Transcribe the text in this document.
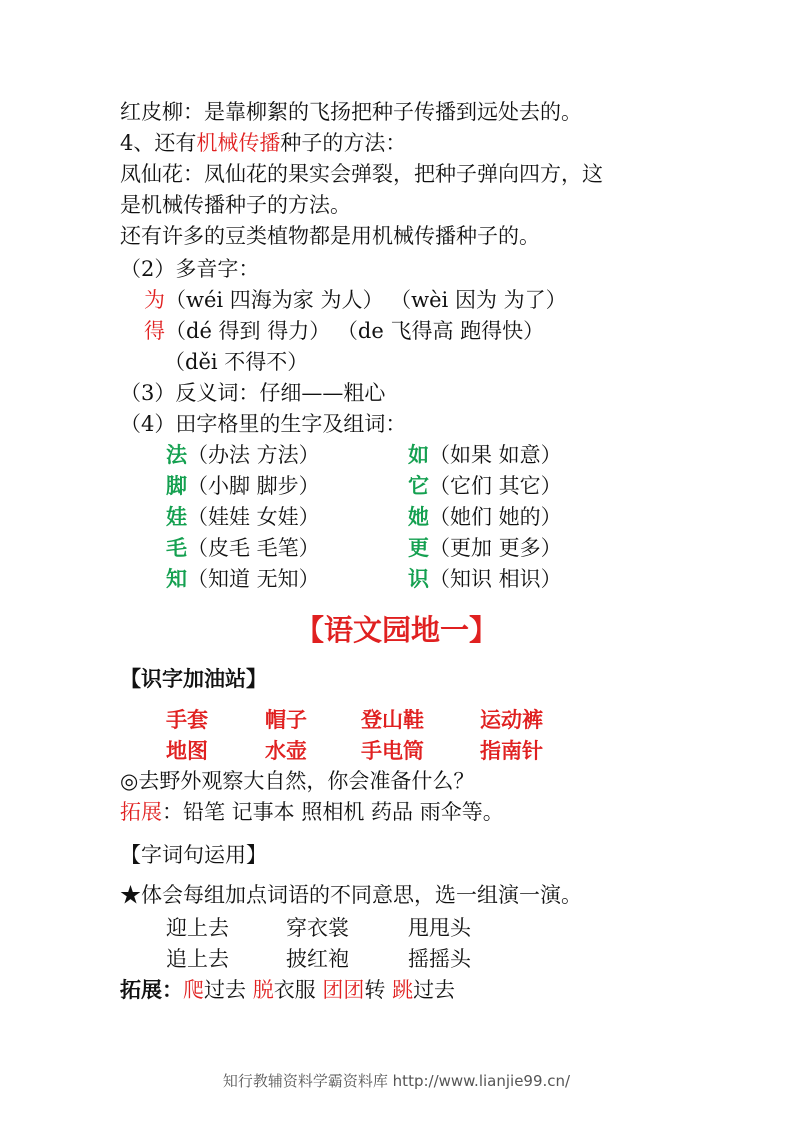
红皮柳：是靠柳絮的飞扬把种子传播到远处去的。
4、还有机械传播种子的方法：
凤仙花：凤仙花的果实会弹裂，把种子弹向四方，这
是机械传播种子的方法。
还有许多的豆类植物都是用机械传播种子的。
（2）多音字：
为（wéi 四海为家 为人） （wèi 因为 为了）
得（dé 得到 得力） （de 飞得高 跑得快）
（děi 不得不）
（3）反义词：仔细——粗心
（4）田字格里的生字及组词：
法（办法 方法）	如（如果 如意）
脚（小脚 脚步）	它（它们 其它）
娃（娃娃 女娃）	她（她们 她的）
毛（皮毛 毛笔）	更（更加 更多）
知（知道 无知）	识（知识 相识）
【语文园地一】
【识字加油站】
手套	帽子	登山鞋	运动裤
地图	水壶	手电筒	指南针
◎去野外观察大自然，你会准备什么？
拓展：铅笔 记事本 照相机 药品 雨伞等。
【字词句运用】
★体会每组加点词语的不同意思，选一组演一演。
迎上去	穿衣裳	甩甩头
追上去	披红袍	摇摇头
拓展：爬过去 脱衣服 团团转 跳过去
知行教辅资料学霸资料库 http://www.lianjie99.cn/
